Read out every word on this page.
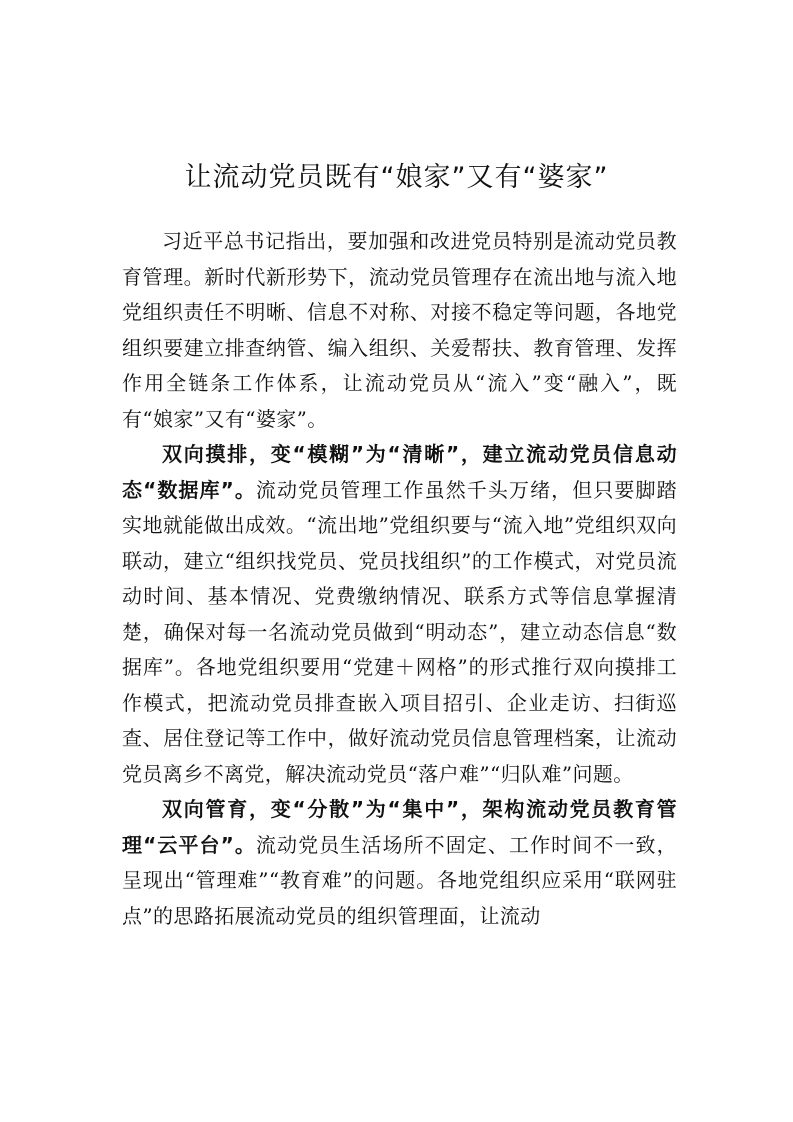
让流动党员既有“娘家”又有“婆家”

习近平总书记指出，要加强和改进党员特别是流动党员教育管理。新时代新形势下，流动党员管理存在流出地与流入地党组织责任不明晰、信息不对称、对接不稳定等问题，各地党组织要建立排查纳管、编入组织、关爱帮扶、教育管理、发挥作用全链条工作体系，让流动党员从“流入”变“融入”，既有“娘家”又有“婆家”。

双向摸排，变“模糊”为“清晰”，建立流动党员信息动态“数据库”。流动党员管理工作虽然千头万绪，但只要脚踏实地就能做出成效。“流出地”党组织要与“流入地”党组织双向联动，建立“组织找党员、党员找组织”的工作模式，对党员流动时间、基本情况、党费缴纳情况、联系方式等信息掌握清楚，确保对每一名流动党员做到“明动态”，建立动态信息“数据库”。各地党组织要用“党建＋网格”的形式推行双向摸排工作模式，把流动党员排查嵌入项目招引、企业走访、扫街巡查、居住登记等工作中，做好流动党员信息管理档案，让流动党员离乡不离党，解决流动党员“落户难”“归队难”问题。

双向管育，变“分散”为“集中”，架构流动党员教育管理“云平台”。流动党员生活场所不固定、工作时间不一致，呈现出“管理难”“教育难”的问题。各地党组织应采用“联网驻点”的思路拓展流动党员的组织管理面，让流动
